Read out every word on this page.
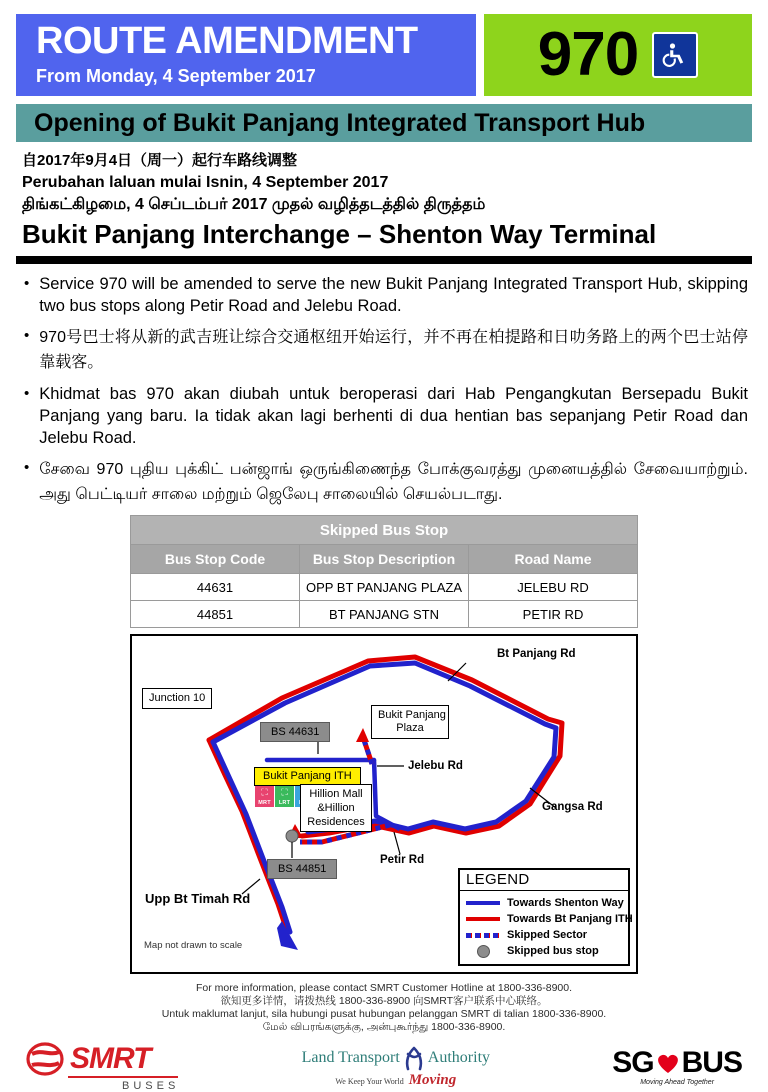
ROUTE AMENDMENT
From Monday, 4 September 2017	970
Opening of Bukit Panjang Integrated Transport Hub
自2017年9月4日（周一）起行车路线调整
Perubahan laluan mulai Isnin, 4 September 2017
திங்கட்கிழமை, 4 செப்டம்பர் 2017 முதல் வழித்தடத்தில் திருத்தம்
Bukit Panjang Interchange – Shenton Way Terminal
• Service 970 will be amended to serve the new Bukit Panjang Integrated Transport Hub, skipping two bus stops along Petir Road and Jelebu Road.
• 970号巴士将从新的武吉班让综合交通枢纽开始运行，并不再在柏提路和日叻务路上的两个巴士站停靠载客。
• Khidmat bas 970 akan diubah untuk beroperasi dari Hab Pengangkutan Bersepadu Bukit Panjang yang baru. Ia tidak akan lagi berhenti di dua hentian bas sepanjang Petir Road dan Jelebu Road.
• சேவை 970 புதிய புக்கிட் பன்ஜாங் ஒருங்கிணைந்த போக்குவரத்து முனையத்தில் சேவையாற்றும். அது பெட்டியர் சாலை மற்றும் ஜெலேபு சாலையில் செயல்படாது.
Skipped Bus Stop		
Bus Stop Code	Bus Stop Description	Road Name
44631	OPP BT PANJANG PLAZA	JELEBU RD
44851	BT PANJANG STN	PETIR RD
Bt Panjang Rd
Gangsa Rd
Jelebu Rd
Petir Rd
Upp Bt Timah Rd
Map not drawn to scale
Junction 10
Bukit Panjang
Plaza
BS 44631
BS 44851
Bukit Panjang ITH
⛶
MRT
⛶
LRT
Hillion Mall
&Hillion
Residences
LEGEND
Towards Shenton Way
Towards Bt Panjang ITH
Skipped Sector
Skipped bus stop
For more information, please contact SMRT Customer Hotline at 1800-336-8900.
欲知更多详情，请拨热线 1800-336-8900 向SMRT客户联系中心联络。
Untuk maklumat lanjut, sila hubungi pusat hubungan pelanggan SMRT di talian 1800-336-8900.
மேல் விபரங்களுக்கு, அன்புகூர்ந்து 1800-336-8900.
SMRT
BUSES
Land Transport Authority
We Keep Your World Moving
SG BUS
Moving Ahead Together
